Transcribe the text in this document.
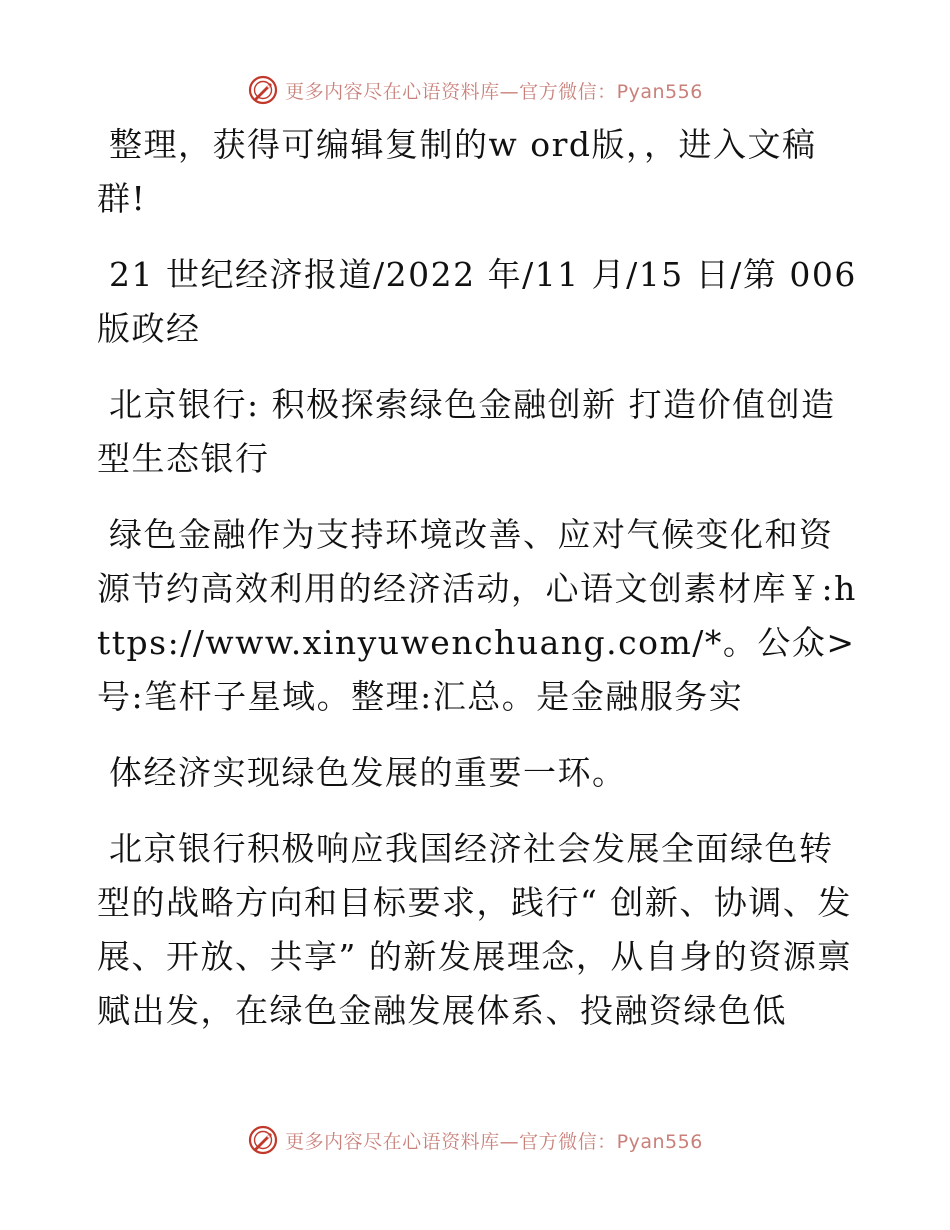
更多内容尽在心语资料库—官方微信：Pyan556

整理，获得可编辑复制的w ord版，，进入文稿群!

21 世纪经济报道/2022 年/11 月/15 日/第 006 版政经

北京银行: 积极探索绿色金融创新 打造价值创造型生态银行

绿色金融作为支持环境改善、应对气候变化和资源节约高效利用的经济活动，心语文创素材库￥:https://www.xinyuwenchuang.com/*。公众>号:笔杆子星域。整理:汇总。是金融服务实

体经济实现绿色发展的重要一环。

北京银行积极响应我国经济社会发展全面绿色转型的战略方向和目标要求，践行“ 创新、协调、发展、开放、共享” 的新发展理念，从自身的资源禀赋出发，在绿色金融发展体系、投融资绿色低

更多内容尽在心语资料库—官方微信：Pyan556
